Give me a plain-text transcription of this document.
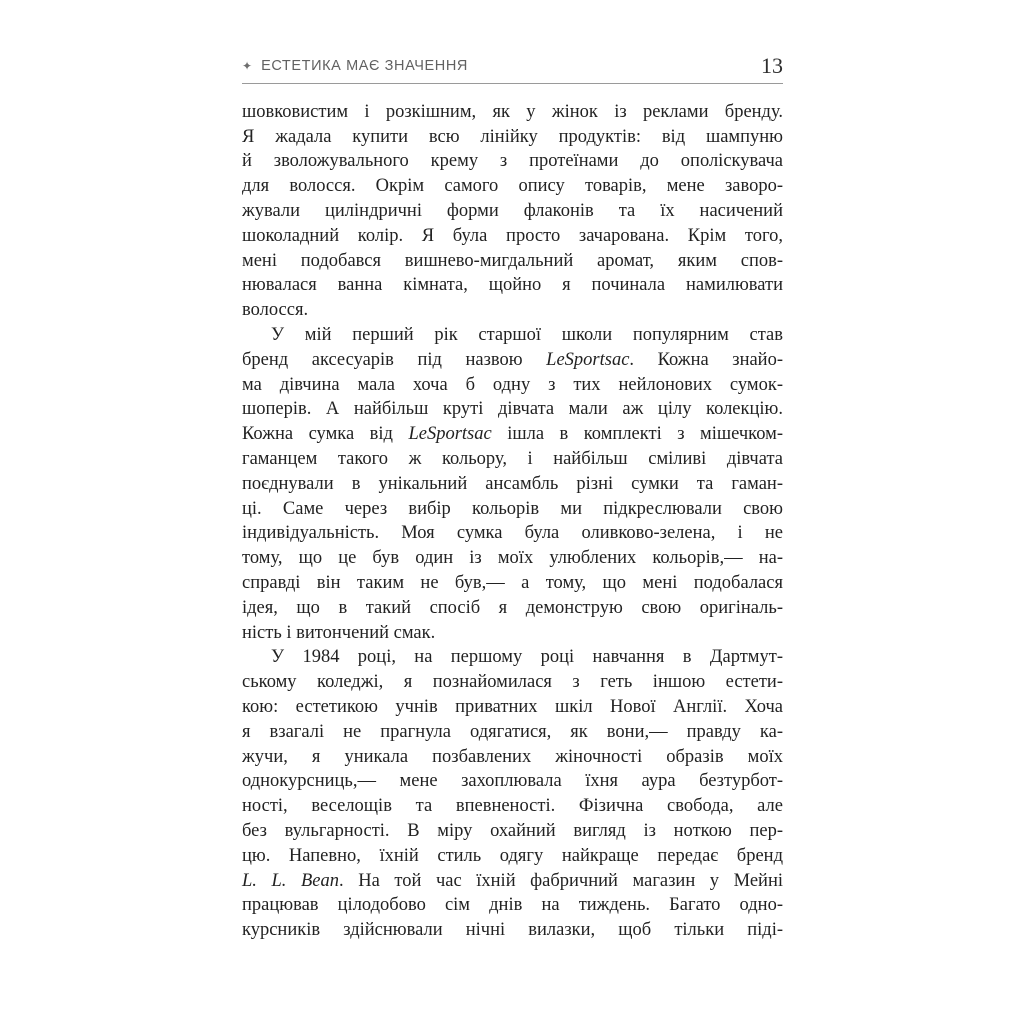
✦ ЕСТЕТИКА МАЄ ЗНАЧЕННЯ	13
шовковистим і розкішним, як у жінок із реклами бренду.
Я жадала купити всю лінійку продуктів: від шампуню
й зволожувального крему з протеїнами до ополіскувача
для волосся. Окрім самого опису товарів, мене заворо-
жували циліндричні форми флаконів та їх насичений
шоколадний колір. Я була просто зачарована. Крім того,
мені подобався вишнево-мигдальний аромат, яким спов-
нювалася ванна кімната, щойно я починала намилювати
волосся.
У мій перший рік старшої школи популярним став
бренд аксесуарів під назвою LeSportsac. Кожна знайо-
ма дівчина мала хоча б одну з тих нейлонових сумок-
шоперів. А найбільш круті дівчата мали аж цілу колекцію.
Кожна сумка від LeSportsac ішла в комплекті з мішечком-
гаманцем такого ж кольору, і найбільш сміливі дівчата
поєднували в унікальний ансамбль різні сумки та гаман-
ці. Саме через вибір кольорів ми підкреслювали свою
індивідуальність. Моя сумка була оливково-зелена, і не
тому, що це був один із моїх улюблених кольорів,— на-
справді він таким не був,— а тому, що мені подобалася
ідея, що в такий спосіб я демонструю свою оригіналь-
ність і витончений смак.
У 1984 році, на першому році навчання в Дартмут-
ському коледжі, я познайомилася з геть іншою естети-
кою: естетикою учнів приватних шкіл Нової Англії. Хоча
я взагалі не прагнула одягатися, як вони,— правду ка-
жучи, я уникала позбавлених жіночності образів моїх
однокурсниць,— мене захоплювала їхня аура безтурбот-
ності, веселощів та впевненості. Фізична свобода, але
без вульгарності. В міру охайний вигляд із ноткою пер-
цю. Напевно, їхній стиль одягу найкраще передає бренд
L. L. Bean. На той час їхній фабричний магазин у Мейні
працював цілодобово сім днів на тиждень. Багато одно-
курсників здійснювали нічні вилазки, щоб тільки піді-
